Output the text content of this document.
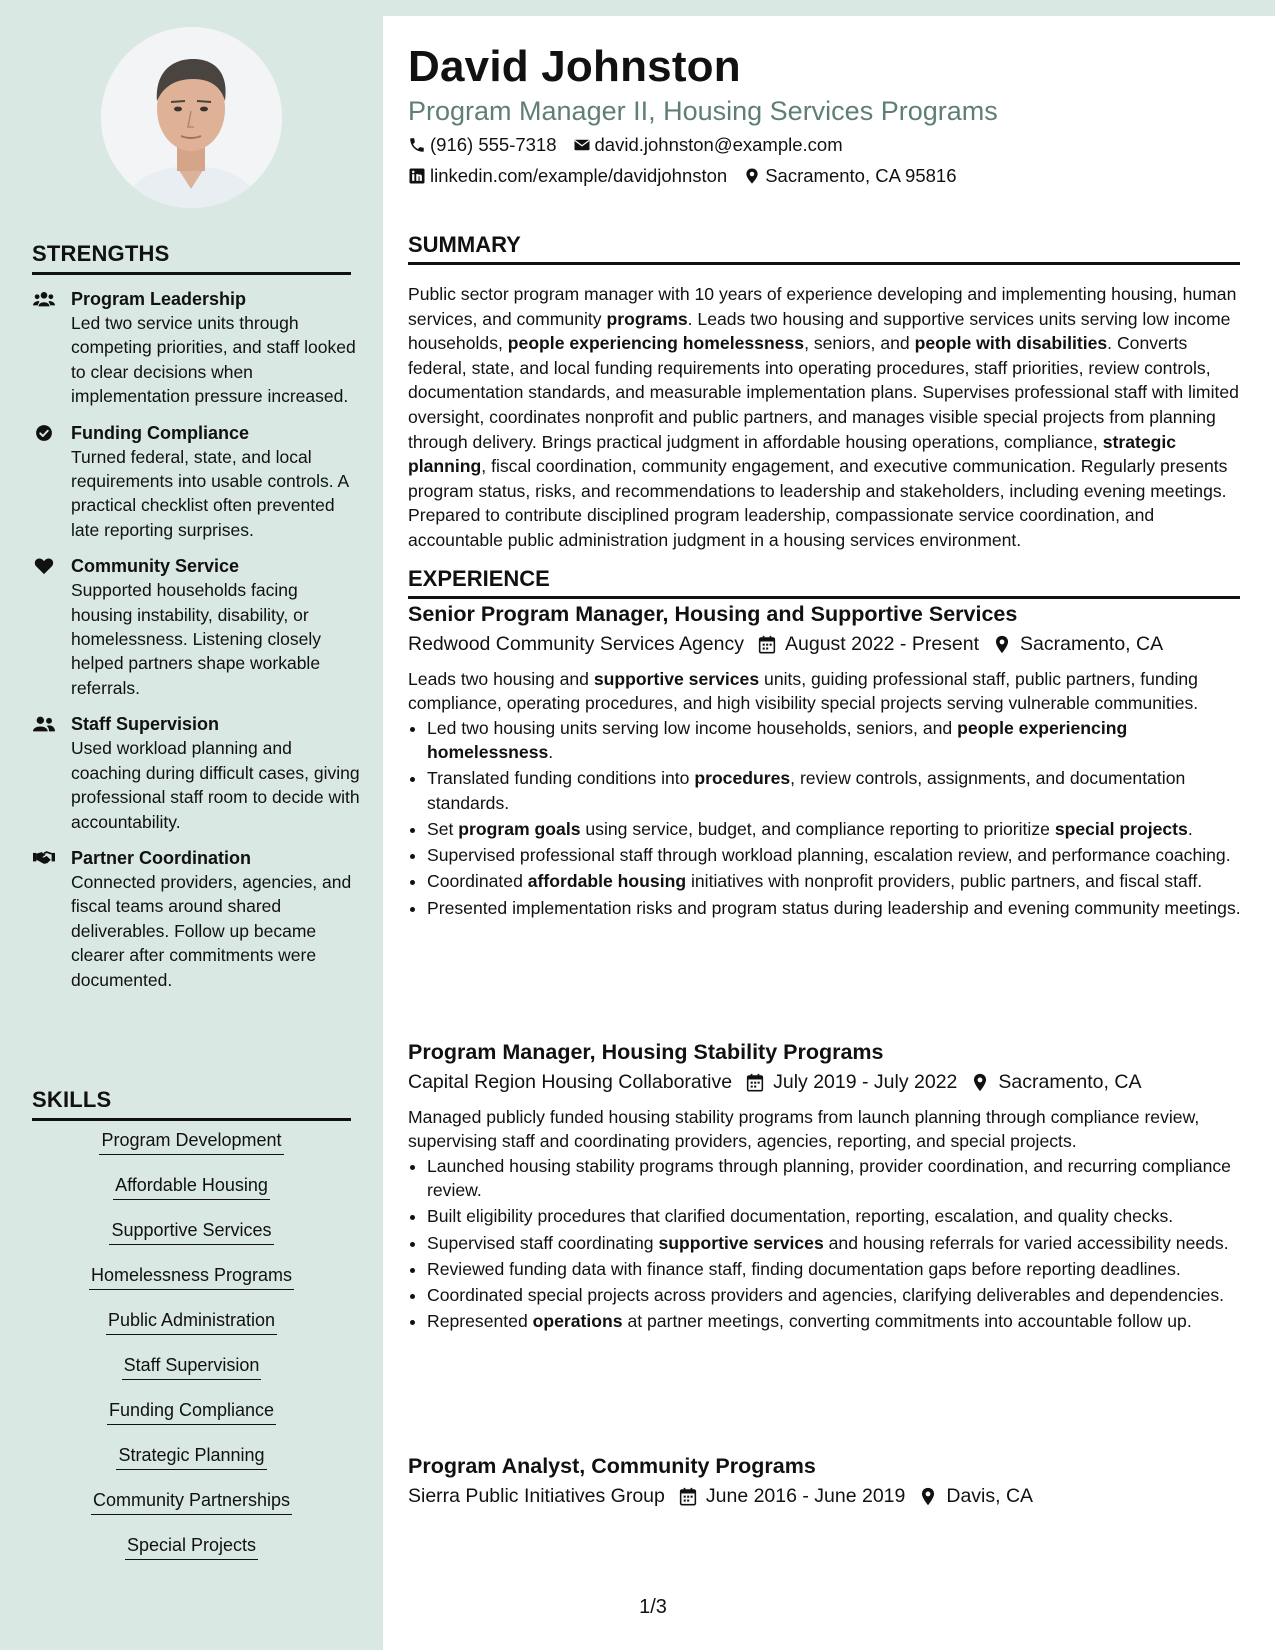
STRENGTHS
Program Leadership
Led two service units through competing priorities, and staff looked to clear decisions when implementation pressure increased.
Funding Compliance
Turned federal, state, and local requirements into usable controls. A practical checklist often prevented late reporting surprises.
Community Service
Supported households facing housing instability, disability, or homelessness. Listening closely helped partners shape workable referrals.
Staff Supervision
Used workload planning and coaching during difficult cases, giving professional staff room to decide with accountability.
Partner Coordination
Connected providers, agencies, and fiscal teams around shared deliverables. Follow up became clearer after commitments were documented.
SKILLS
Program Development
Affordable Housing
Supportive Services
Homelessness Programs
Public Administration
Staff Supervision
Funding Compliance
Strategic Planning
Community Partnerships
Special Projects
David Johnston
Program Manager II, Housing Services Programs
(916) 555-7318 david.johnston@example.com
linkedin.com/example/davidjohnston Sacramento, CA 95816
SUMMARY
Public sector program manager with 10 years of experience developing and implementing housing, human services, and community programs. Leads two housing and supportive services units serving low income households, people experiencing homelessness, seniors, and people with disabilities. Converts federal, state, and local funding requirements into operating procedures, staff priorities, review controls, documentation standards, and measurable implementation plans. Supervises professional staff with limited oversight, coordinates nonprofit and public partners, and manages visible special projects from planning through delivery. Brings practical judgment in affordable housing operations, compliance, strategic planning, fiscal coordination, community engagement, and executive communication. Regularly presents program status, risks, and recommendations to leadership and stakeholders, including evening meetings. Prepared to contribute disciplined program leadership, compassionate service coordination, and accountable public administration judgment in a housing services environment.
EXPERIENCE
Senior Program Manager, Housing and Supportive Services
Redwood Community Services Agency August 2022 - Present Sacramento, CA
Leads two housing and supportive services units, guiding professional staff, public partners, funding compliance, operating procedures, and high visibility special projects serving vulnerable communities.
• Led two housing units serving low income households, seniors, and people experiencing homelessness.
• Translated funding conditions into procedures, review controls, assignments, and documentation standards.
• Set program goals using service, budget, and compliance reporting to prioritize special projects.
• Supervised professional staff through workload planning, escalation review, and performance coaching.
• Coordinated affordable housing initiatives with nonprofit providers, public partners, and fiscal staff.
• Presented implementation risks and program status during leadership and evening community meetings.
Program Manager, Housing Stability Programs
Capital Region Housing Collaborative July 2019 - July 2022 Sacramento, CA
Managed publicly funded housing stability programs from launch planning through compliance review, supervising staff and coordinating providers, agencies, reporting, and special projects.
• Launched housing stability programs through planning, provider coordination, and recurring compliance review.
• Built eligibility procedures that clarified documentation, reporting, escalation, and quality checks.
• Supervised staff coordinating supportive services and housing referrals for varied accessibility needs.
• Reviewed funding data with finance staff, finding documentation gaps before reporting deadlines.
• Coordinated special projects across providers and agencies, clarifying deliverables and dependencies.
• Represented operations at partner meetings, converting commitments into accountable follow up.
Program Analyst, Community Programs
Sierra Public Initiatives Group June 2016 - June 2019 Davis, CA
1/3
